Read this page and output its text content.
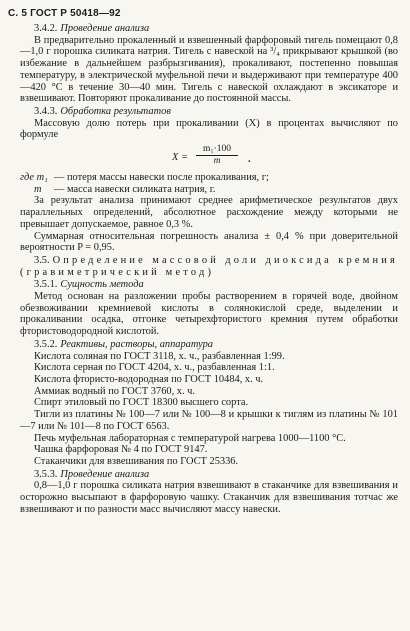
С. 5 ГОСТ Р 50418—92

3.4.2. Проведение анализа

В предварительно прокаленный и взвешенный фарфоровый тигель помещают 0,8—1,0 г порошка силиката натрия. Тигель с навеской на ³/₄ прикрывают крышкой (во избежание в дальнейшем разбрызгивания), прокаливают, постепенно повышая температуру, в электрической муфельной печи и выдерживают при температуре 400—420 °С в течение 30—40 мин. Тигель с навеской охлаждают в эксикаторе и взвешивают. Повторяют прокаливание до постоянной массы.

3.4.3. Обработка результатов

Массовую долю потерь при прокаливании (X) в процентах вычисляют по формуле

$X = \frac{\text{m₁·100}}{m}$ .
где m₁ — потеря массы навески после прокаливания, г;
m	— масса навески силиката натрия, г.

За результат анализа принимают среднее арифметическое результатов двух параллельных определений, абсолютное расхождение между которыми не превышает допускаемое, равное 0,3 %.

Суммарная относительная погрешность анализа ± 0,4 % при доверительной вероятности P = 0,95.

3.5. Определение массовой доли диоксида кремния (гравиметрический метод)

3.5.1. Сущность метода

Метод основан на разложении пробы растворением в горячей воде, двойном обезвоживании кремниевой кислоты в солянокислой среде, выделении и прокаливании осадка, отгонке четырехфтористого кремния путем обработки фтористоводородной кислотой.

3.5.2. Реактивы, растворы, аппаратура

Кислота соляная по ГОСТ 3118, х. ч., разбавленная 1:99.

Кислота серная по ГОСТ 4204, х. ч., разбавленная 1:1.

Кислота фтористо-водородная по ГОСТ 10484, х. ч.

Аммиак водный по ГОСТ 3760, х. ч.

Спирт этиловый по ГОСТ 18300 высшего сорта.

Тигли из платины № 100—7 или № 100—8 и крышки к тиглям из платины № 101—7 или № 101—8 по ГОСТ 6563.

Печь муфельная лабораторная с температурой нагрева 1000—1100 °С.

Чашка фарфоровая № 4 по ГОСТ 9147.

Стаканчики для взвешивания по ГОСТ 25336.

3.5.3. Проведение анализа

0,8—1,0 г порошка силиката натрия взвешивают в стаканчике для взвешивания и осторожно высыпают в фарфоровую чашку. Стаканчик для взвешивания тотчас же взвешивают и по разности масс вычисляют массу навески.
